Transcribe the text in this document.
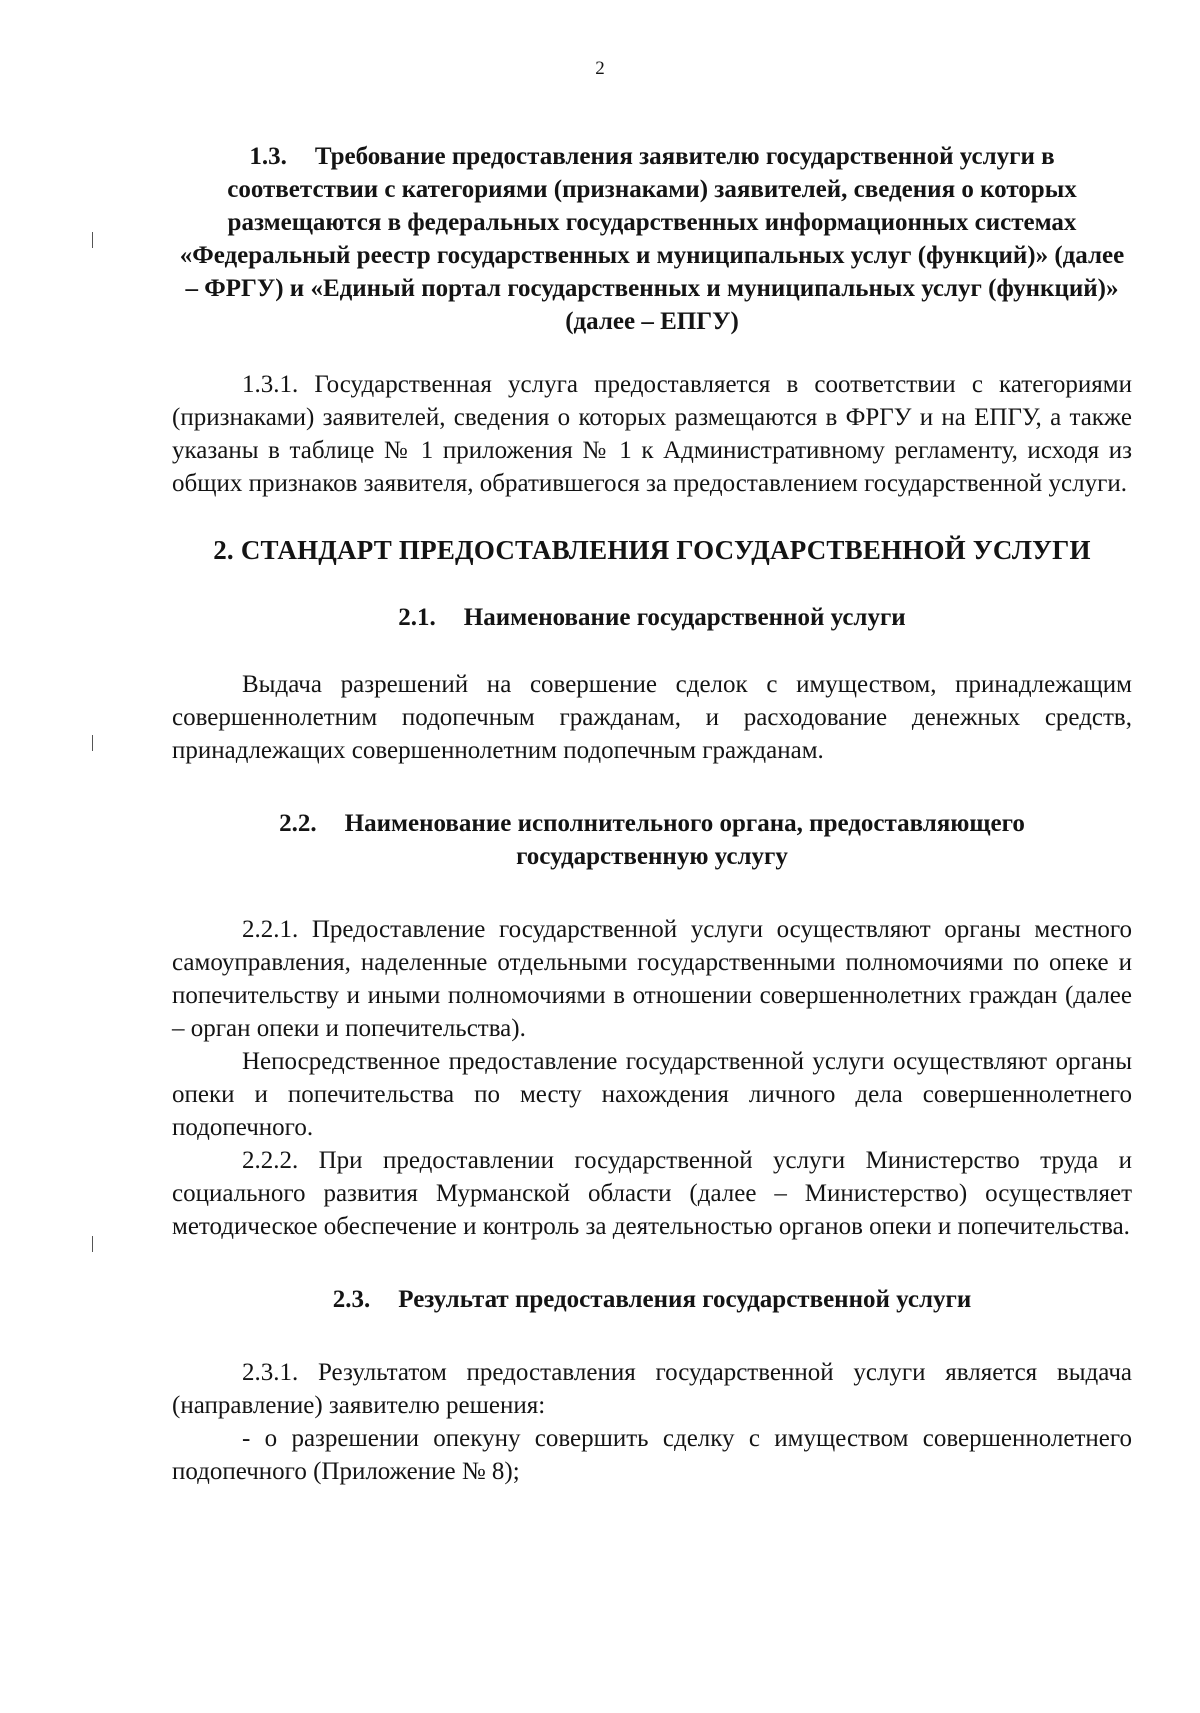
2
1.3. Требование предоставления заявителю государственной услуги в соответствии с категориями (признаками) заявителей, сведения о которых размещаются в федеральных государственных информационных системах «Федеральный реестр государственных и муниципальных услуг (функций)» (далее – ФРГУ) и «Единый портал государственных и муниципальных услуг (функций)» (далее – ЕПГУ)

1.3.1. Государственная услуга предоставляется в соответствии с категориями (признаками) заявителей, сведения о которых размещаются в ФРГУ и на ЕПГУ, а также указаны в таблице № 1 приложения № 1 к Административному регламенту, исходя из общих признаков заявителя, обратившегося за предоставлением государственной услуги.

2. СТАНДАРТ ПРЕДОСТАВЛЕНИЯ ГОСУДАРСТВЕННОЙ УСЛУГИ
2.1. Наименование государственной услуги

Выдача разрешений на совершение сделок с имуществом, принадлежащим совершеннолетним подопечным гражданам, и расходование денежных средств, принадлежащих совершеннолетним подопечным гражданам.

2.2. Наименование исполнительного органа, предоставляющего государственную услугу

2.2.1. Предоставление государственной услуги осуществляют органы местного самоуправления, наделенные отдельными государственными полномочиями по опеке и попечительству и иными полномочиями в отношении совершеннолетних граждан (далее – орган опеки и попечительства).

Непосредственное предоставление государственной услуги осуществляют органы опеки и попечительства по месту нахождения личного дела совершеннолетнего подопечного.

2.2.2. При предоставлении государственной услуги Министерство труда и социального развития Мурманской области (далее – Министерство) осуществляет методическое обеспечение и контроль за деятельностью органов опеки и попечительства.

2.3. Результат предоставления государственной услуги

2.3.1. Результатом предоставления государственной услуги является выдача (направление) заявителю решения:

- о разрешении опекуну совершить сделку с имуществом совершеннолетнего подопечного (Приложение № 8);
